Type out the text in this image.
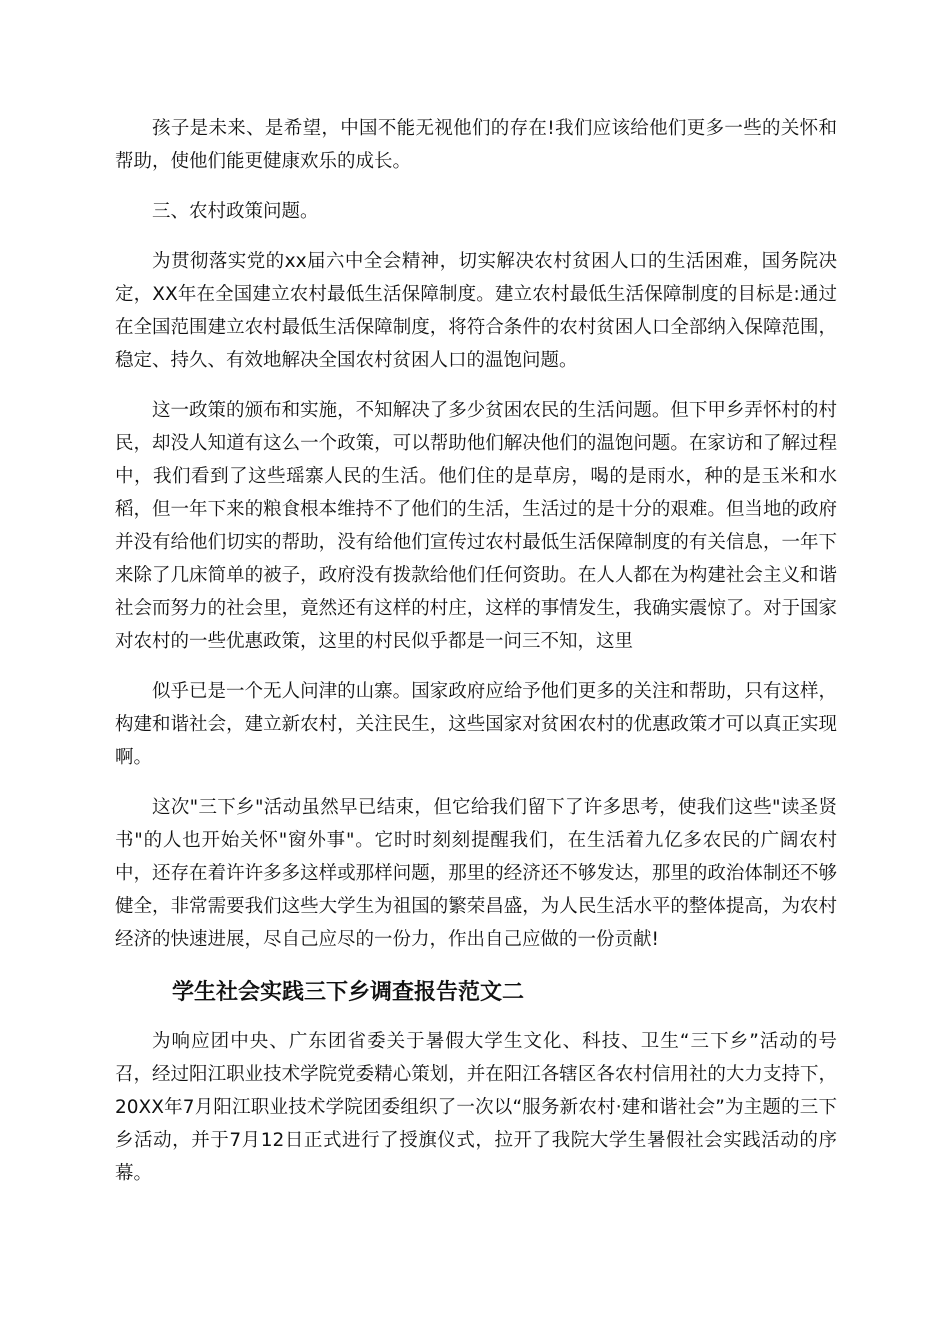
孩子是未来、是希望，中国不能无视他们的存在!我们应该给他们更多一些的关怀和帮助，使他们能更健康欢乐的成长。

三、农村政策问题。

为贯彻落实党的xx届六中全会精神，切实解决农村贫困人口的生活困难，国务院决定，XX年在全国建立农村最低生活保障制度。建立农村最低生活保障制度的目标是:通过在全国范围建立农村最低生活保障制度，将符合条件的农村贫困人口全部纳入保障范围，稳定、持久、有效地解决全国农村贫困人口的温饱问题。

这一政策的颁布和实施，不知解决了多少贫困农民的生活问题。但下甲乡弄怀村的村民，却没人知道有这么一个政策，可以帮助他们解决他们的温饱问题。在家访和了解过程中，我们看到了这些瑶寨人民的生活。他们住的是草房，喝的是雨水，种的是玉米和水稻，但一年下来的粮食根本维持不了他们的生活，生活过的是十分的艰难。但当地的政府并没有给他们切实的帮助，没有给他们宣传过农村最低生活保障制度的有关信息，一年下来除了几床简单的被子，政府没有拨款给他们任何资助。在人人都在为构建社会主义和谐社会而努力的社会里，竟然还有这样的村庄，这样的事情发生，我确实震惊了。对于国家对农村的一些优惠政策，这里的村民似乎都是一问三不知，这里

似乎已是一个无人问津的山寨。国家政府应给予他们更多的关注和帮助，只有这样，构建和谐社会，建立新农村，关注民生，这些国家对贫困农村的优惠政策才可以真正实现啊。

这次"三下乡"活动虽然早已结束，但它给我们留下了许多思考，使我们这些"读圣贤书"的人也开始关怀"窗外事"。它时时刻刻提醒我们，在生活着九亿多农民的广阔农村中，还存在着许许多多这样或那样问题，那里的经济还不够发达，那里的政治体制还不够健全，非常需要我们这些大学生为祖国的繁荣昌盛，为人民生活水平的整体提高，为农村经济的快速进展，尽自己应尽的一份力，作出自己应做的一份贡献!

学生社会实践三下乡调查报告范文二

为响应团中央、广东团省委关于暑假大学生文化、科技、卫生“三下乡”活动的号召，经过阳江职业技术学院党委精心策划，并在阳江各辖区各农村信用社的大力支持下，20XX年7月阳江职业技术学院团委组织了一次以“服务新农村·建和谐社会”为主题的三下乡活动，并于7月12日正式进行了授旗仪式，拉开了我院大学生暑假社会实践活动的序幕。
